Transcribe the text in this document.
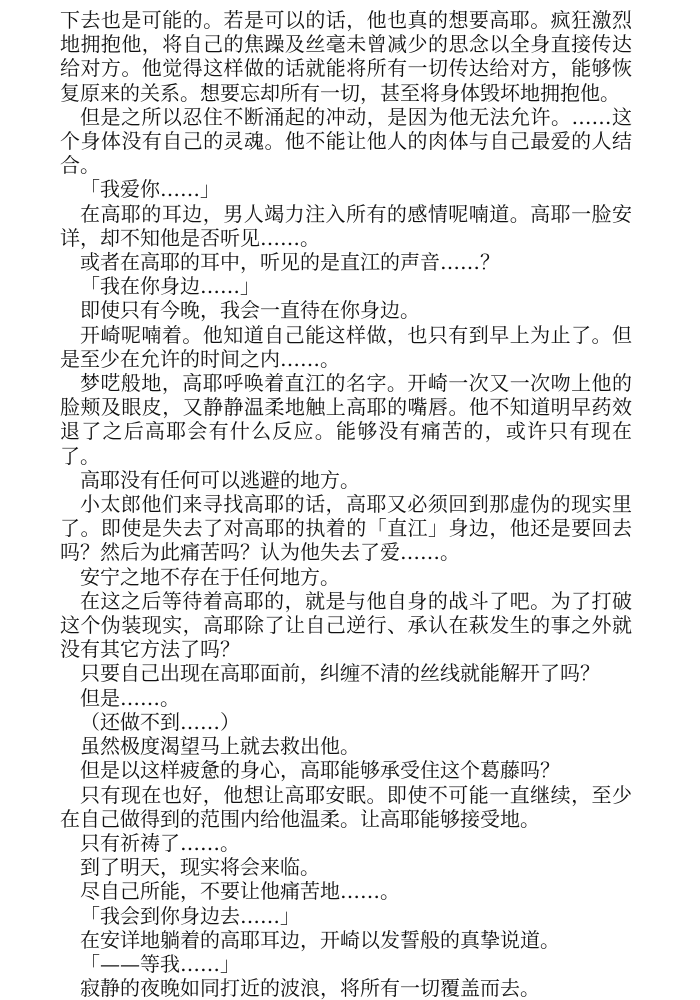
下去也是可能的。若是可以的话，他也真的想要高耶。疯狂激烈地拥抱他，将自己的焦躁及丝毫未曾减少的思念以全身直接传达给对方。他觉得这样做的话就能将所有一切传达给对方，能够恢复原来的关系。想要忘却所有一切，甚至将身体毁坏地拥抱他。

但是之所以忍住不断涌起的冲动，是因为他无法允许。……这个身体没有自己的灵魂。他不能让他人的肉体与自己最爱的人结合。

「我爱你……」

在高耶的耳边，男人竭力注入所有的感情呢喃道。高耶一脸安详，却不知他是否听见……。

或者在高耶的耳中，听见的是直江的声音……？

「我在你身边……」

即使只有今晚，我会一直待在你身边。

开崎呢喃着。他知道自己能这样做，也只有到早上为止了。但是至少在允许的时间之内……。

梦呓般地，高耶呼唤着直江的名字。开崎一次又一次吻上他的脸颊及眼皮，又静静温柔地触上高耶的嘴唇。他不知道明早药效退了之后高耶会有什么反应。能够没有痛苦的，或许只有现在了。

高耶没有任何可以逃避的地方。

小太郎他们来寻找高耶的话，高耶又必须回到那虚伪的现实里了。即使是失去了对高耶的执着的「直江」身边，他还是要回去吗？然后为此痛苦吗？认为他失去了爱……。

安宁之地不存在于任何地方。

在这之后等待着高耶的，就是与他自身的战斗了吧。为了打破这个伪装现实，高耶除了让自己逆行、承认在萩发生的事之外就没有其它方法了吗？

只要自己出现在高耶面前，纠缠不清的丝线就能解开了吗？

但是……。

（还做不到……）

虽然极度渴望马上就去救出他。

但是以这样疲惫的身心，高耶能够承受住这个葛藤吗？

只有现在也好，他想让高耶安眠。即使不可能一直继续，至少在自己做得到的范围内给他温柔。让高耶能够接受地。

只有祈祷了……。

到了明天，现实将会来临。

尽自己所能，不要让他痛苦地……。

「我会到你身边去……」

在安详地躺着的高耶耳边，开崎以发誓般的真挚说道。

「——等我……」

寂静的夜晚如同打近的波浪，将所有一切覆盖而去。
